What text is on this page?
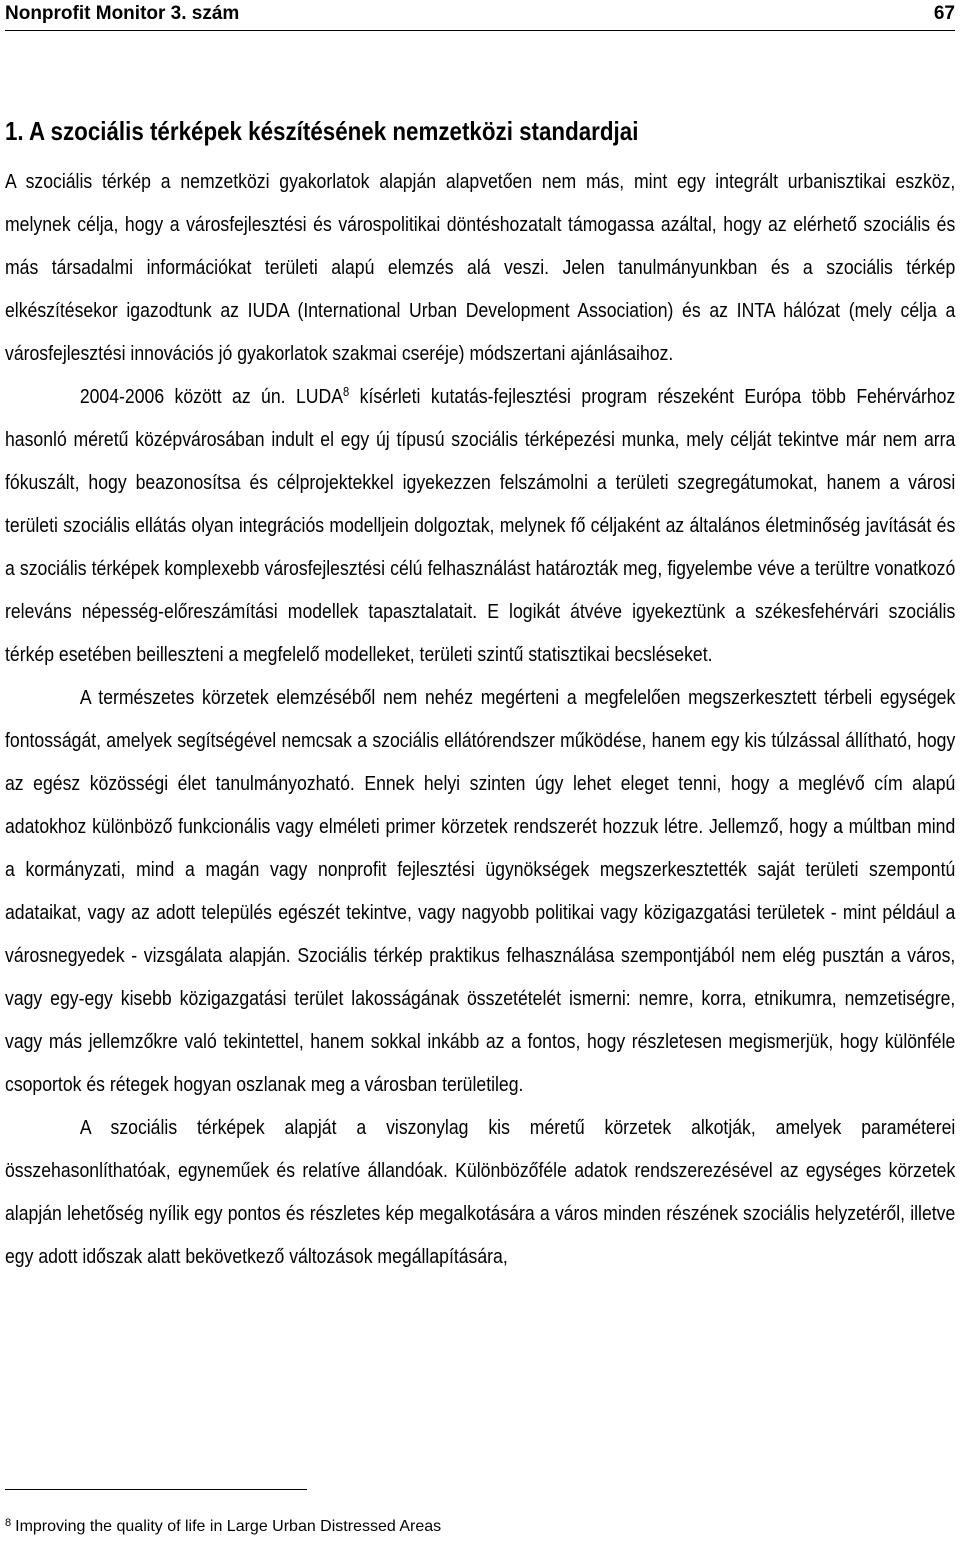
Nonprofit Monitor 3. szám	67
1. A szociális térképek készítésének nemzetközi standardjai

A szociális térkép a nemzetközi gyakorlatok alapján alapvetően nem más, mint egy integrált urbanisztikai eszköz, melynek célja, hogy a városfejlesztési és várospolitikai döntéshozatalt támogassa azáltal, hogy az elérhető szociális és más társadalmi információkat területi alapú elemzés alá veszi. Jelen tanulmányunkban és a szociális térkép elkészítésekor igazodtunk az IUDA (International Urban Development Association) és az INTA hálózat (mely célja a városfejlesztési innovációs jó gyakorlatok szakmai cseréje) módszertani ajánlásaihoz.

2004-2006 között az ún. LUDA$^8$ kísérleti kutatás-fejlesztési program részeként Európa több Fehérvárhoz hasonló méretű középvárosában indult el egy új típusú szociális térképezési munka, mely célját tekintve már nem arra fókuszált, hogy beazonosítsa és célprojektekkel igyekezzen felszámolni a területi szegregátumokat, hanem a városi területi szociális ellátás olyan integrációs modelljein dolgoztak, melynek fő céljaként az általános életminőség javítását és a szociális térképek komplexebb városfejlesztési célú felhasználást határozták meg, figyelembe véve a terültre vonatkozó releváns népesség-előreszámítási modellek tapasztalatait. E logikát átvéve igyekeztünk a székesfehérvári szociális térkép esetében beilleszteni a megfelelő modelleket, területi szintű statisztikai becsléseket.

A természetes körzetek elemzéséből nem nehéz megérteni a megfelelően megszerkesztett térbeli egységek fontosságát, amelyek segítségével nemcsak a szociális ellátórendszer működése, hanem egy kis túlzással állítható, hogy az egész közösségi élet tanulmányozható. Ennek helyi szinten úgy lehet eleget tenni, hogy a meglévő cím alapú adatokhoz különböző funkcionális vagy elméleti primer körzetek rendszerét hozzuk létre. Jellemző, hogy a múltban mind a kormányzati, mind a magán vagy nonprofit fejlesztési ügynökségek megszerkesztették saját területi szempontú adataikat, vagy az adott település egészét tekintve, vagy nagyobb politikai vagy közigazgatási területek - mint például a városnegyedek - vizsgálata alapján. Szociális térkép praktikus felhasználása szempontjából nem elég pusztán a város, vagy egy-egy kisebb közigazgatási terület lakosságának összetételét ismerni: nemre, korra, etnikumra, nemzetiségre, vagy más jellemzőkre való tekintettel, hanem sokkal inkább az a fontos, hogy részletesen megismerjük, hogy különféle csoportok és rétegek hogyan oszlanak meg a városban területileg.

A szociális térképek alapját a viszonylag kis méretű körzetek alkotják, amelyek paraméterei összehasonlíthatóak, egyneműek és relatíve állandóak. Különbözőféle adatok rendszerezésével az egységes körzetek alapján lehetőség nyílik egy pontos és részletes kép megalkotására a város minden részének szociális helyzetéről, illetve egy adott időszak alatt bekövetkező változások megállapítására,

$^8$ Improving the quality of life in Large Urban Distressed Areas
